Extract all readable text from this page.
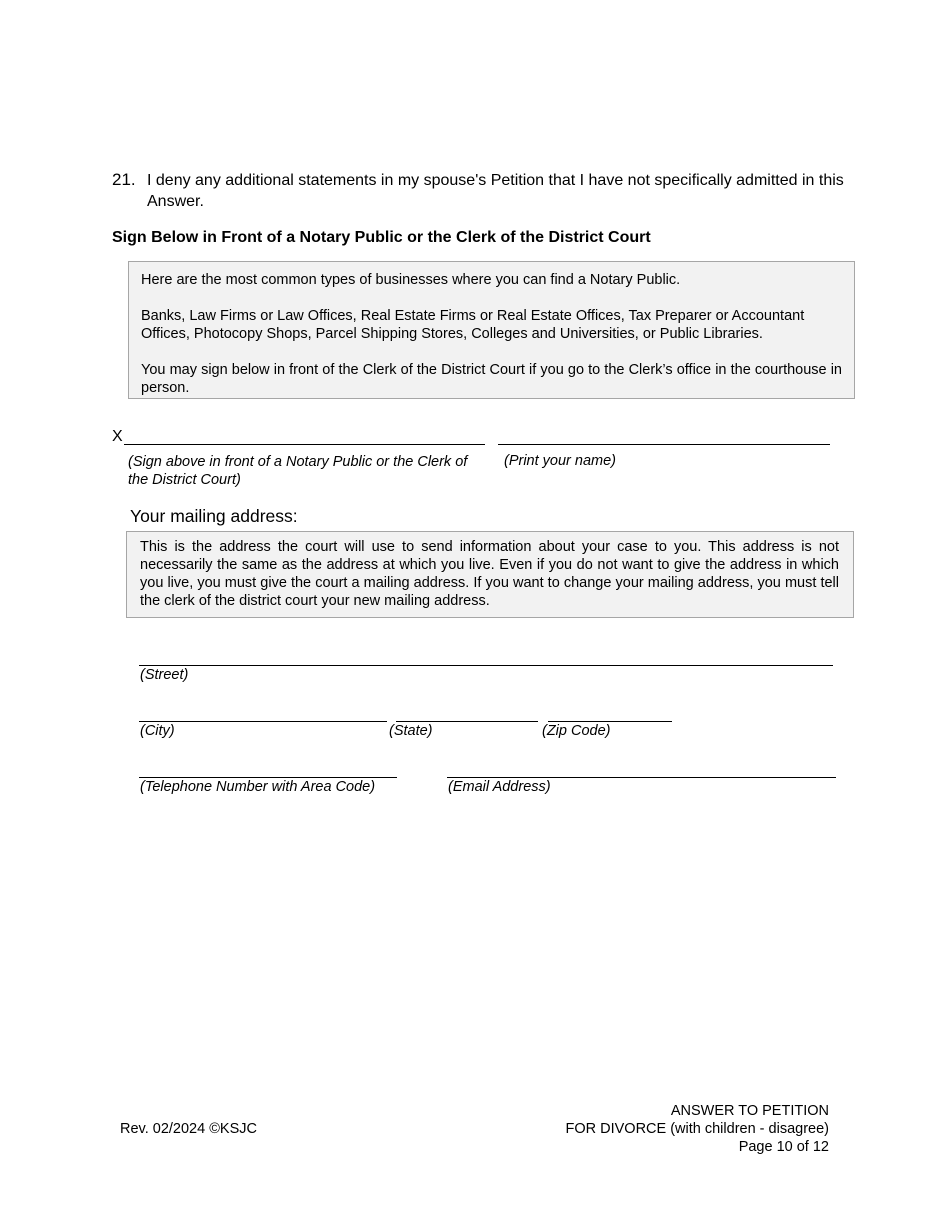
21. I deny any additional statements in my spouse's Petition that I have not specifically admitted in this Answer.
Sign Below in Front of a Notary Public or the Clerk of the District Court

Here are the most common types of businesses where you can find a Notary Public.

Banks, Law Firms or Law Offices, Real Estate Firms or Real Estate Offices, Tax Preparer or Accountant Offices, Photocopy Shops, Parcel Shipping Stores, Colleges and Universities, or Public Libraries.

You may sign below in front of the Clerk of the District Court if you go to the Clerk’s office in the courthouse in person.

X
(Sign above in front of a Notary Public or the Clerk of the District Court)
(Print your name)
Your mailing address:
This is the address the court will use to send information about your case to you. This address is not necessarily the same as the address at which you live. Even if you do not want to give the address in which you live, you must give the court a mailing address. If you want to change your mailing address, you must tell the clerk of the district court your new mailing address.
(Street)
(City)	(State)	(Zip Code)
(Telephone Number with Area Code)	(Email Address)
Rev. 02/2024 ©KSJC
ANSWER TO PETITION
FOR DIVORCE (with children - disagree)
Page 10 of 12
